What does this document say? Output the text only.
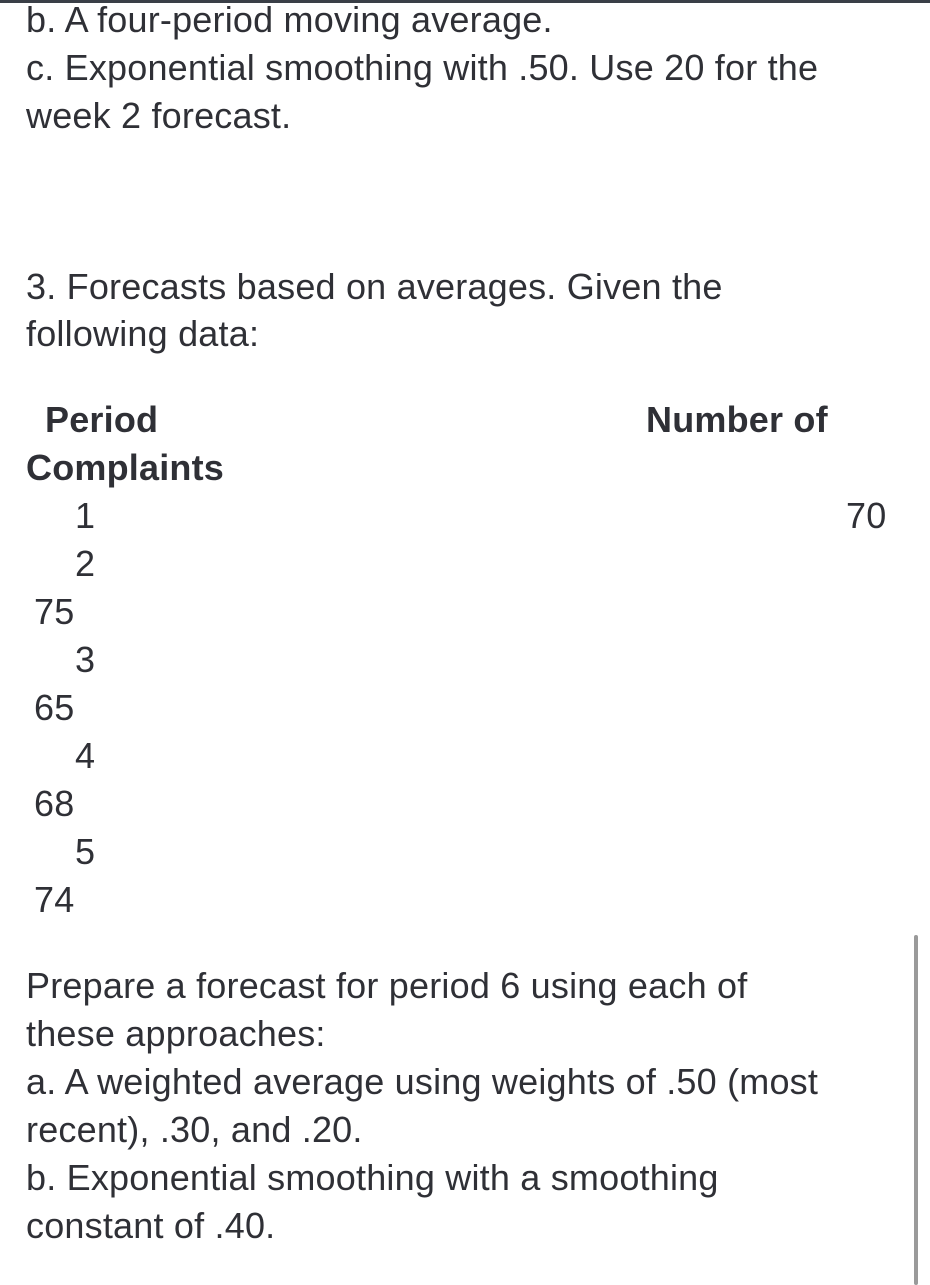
b. A four-period moving average.
c. Exponential smoothing with .50. Use 20 for the
week 2 forecast.
3. Forecasts based on averages. Given the
following data:
Period	Number of
Complaints
1	70
2
75
3
65
4
68
5
74
Prepare a forecast for period 6 using each of
these approaches:
a. A weighted average using weights of .50 (most
recent), .30, and .20.
b. Exponential smoothing with a smoothing
constant of .40.
